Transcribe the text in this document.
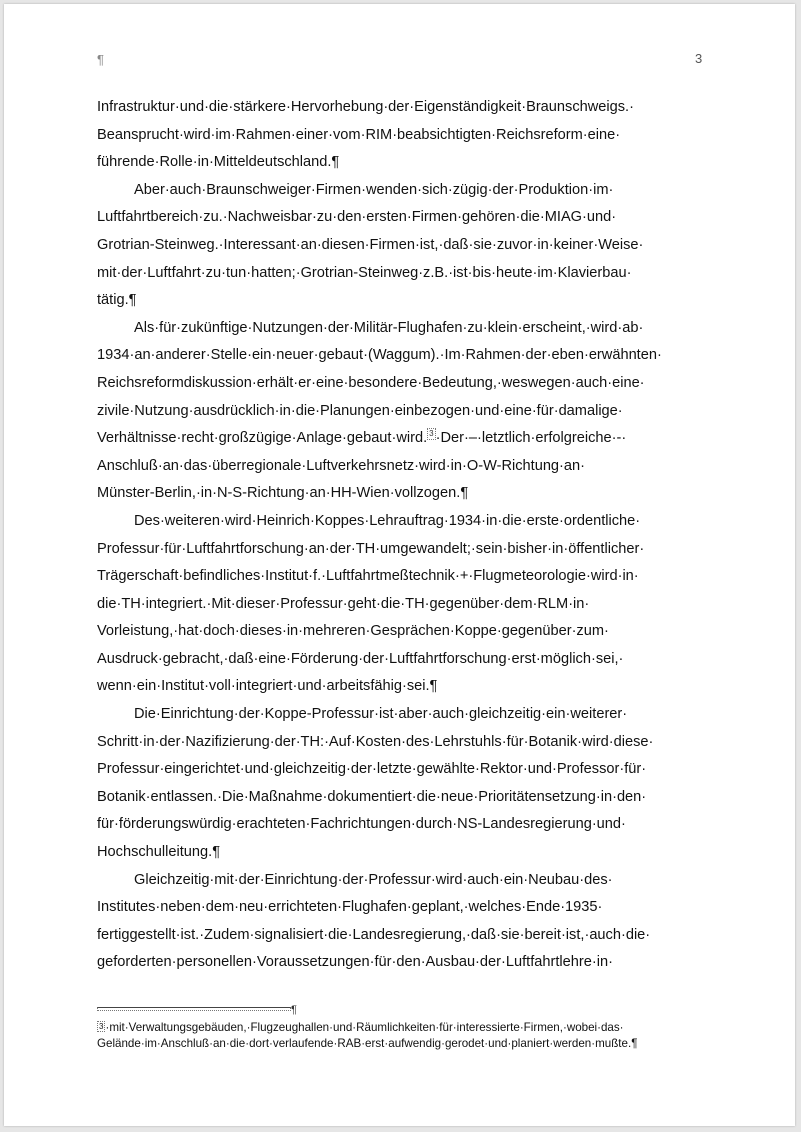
¶	3

Infrastruktur·und·die·stärkere·Hervorhebung·der·Eigenständigkeit·Braunschweigs.·

Beansprucht·wird·im·Rahmen·einer·vom·RIM·beabsichtigten·Reichsreform·eine·

führende·Rolle·in·Mitteldeutschland.¶

Aber·auch·Braunschweiger·Firmen·wenden·sich·zügig·der·Produktion·im·

Luftfahrtbereich·zu.·Nachweisbar·zu·den·ersten·Firmen·gehören·die·MIAG·und·

Grotrian-Steinweg.·Interessant·an·diesen·Firmen·ist,·daß·sie·zuvor·in·keiner·Weise·

mit·der·Luftfahrt·zu·tun·hatten;·Grotrian-Steinweg·z.B.·ist·bis·heute·im·Klavierbau·

tätig.¶

Als·für·zukünftige·Nutzungen·der·Militär-Flughafen·zu·klein·erscheint,·wird·ab·

1934·an·anderer·Stelle·ein·neuer·gebaut·(Waggum).·Im·Rahmen·der·eben·erwähnten·

Reichsreformdiskussion·erhält·er·eine·besondere·Bedeutung,·weswegen·auch·eine·

zivile·Nutzung·ausdrücklich·in·die·Planungen·einbezogen·und·eine·für·damalige·

Verhältnisse·recht·großzügige·Anlage·gebaut·wird. 3 ·Der·–·letztlich·erfolgreiche·-·

Anschluß·an·das·überregionale·Luftverkehrsnetz·wird·in·O-W-Richtung·an·

Münster-Berlin,·in·N-S-Richtung·an·HH-Wien·vollzogen.¶

Des·weiteren·wird·Heinrich·Koppes·Lehrauftrag·1934·in·die·erste·ordentliche·

Professur·für·Luftfahrtforschung·an·der·TH·umgewandelt;·sein·bisher·in·öffentlicher·

Trägerschaft·befindliches·Institut·f.·Luftfahrtmeßtechnik·+·Flugmeteorologie·wird·in·

die·TH·integriert.·Mit·dieser·Professur·geht·die·TH·gegenüber·dem·RLM·in·

Vorleistung,·hat·doch·dieses·in·mehreren·Gesprächen·Koppe·gegenüber·zum·

Ausdruck·gebracht,·daß·eine·Förderung·der·Luftfahrtforschung·erst·möglich·sei,·

wenn·ein·Institut·voll·integriert·und·arbeitsfähig·sei.¶

Die·Einrichtung·der·Koppe-Professur·ist·aber·auch·gleichzeitig·ein·weiterer·

Schritt·in·der·Nazifizierung·der·TH:·Auf·Kosten·des·Lehrstuhls·für·Botanik·wird·diese·

Professur·eingerichtet·und·gleichzeitig·der·letzte·gewählte·Rektor·und·Professor·für·

Botanik·entlassen.·Die·Maßnahme·dokumentiert·die·neue·Prioritätensetzung·in·den·

für·förderungswürdig·erachteten·Fachrichtungen·durch·NS-Landesregierung·und·

Hochschulleitung.¶

Gleichzeitig·mit·der·Einrichtung·der·Professur·wird·auch·ein·Neubau·des·

Institutes·neben·dem·neu·errichteten·Flughafen·geplant,·welches·Ende·1935·

fertiggestellt·ist.·Zudem·signalisiert·die·Landesregierung,·daß·sie·bereit·ist,·auch·die·

geforderten·personellen·Voraussetzungen·für·den·Ausbau·der·Luftfahrtlehre·in·

¶

3 ·mit·Verwaltungsgebäuden,·Flugzeughallen·und·Räumlichkeiten·für·interessierte·Firmen,·wobei·das·

Gelände·im·Anschluß·an·die·dort·verlaufende·RAB·erst·aufwendig·gerodet·und·planiert·werden·mußte.¶
